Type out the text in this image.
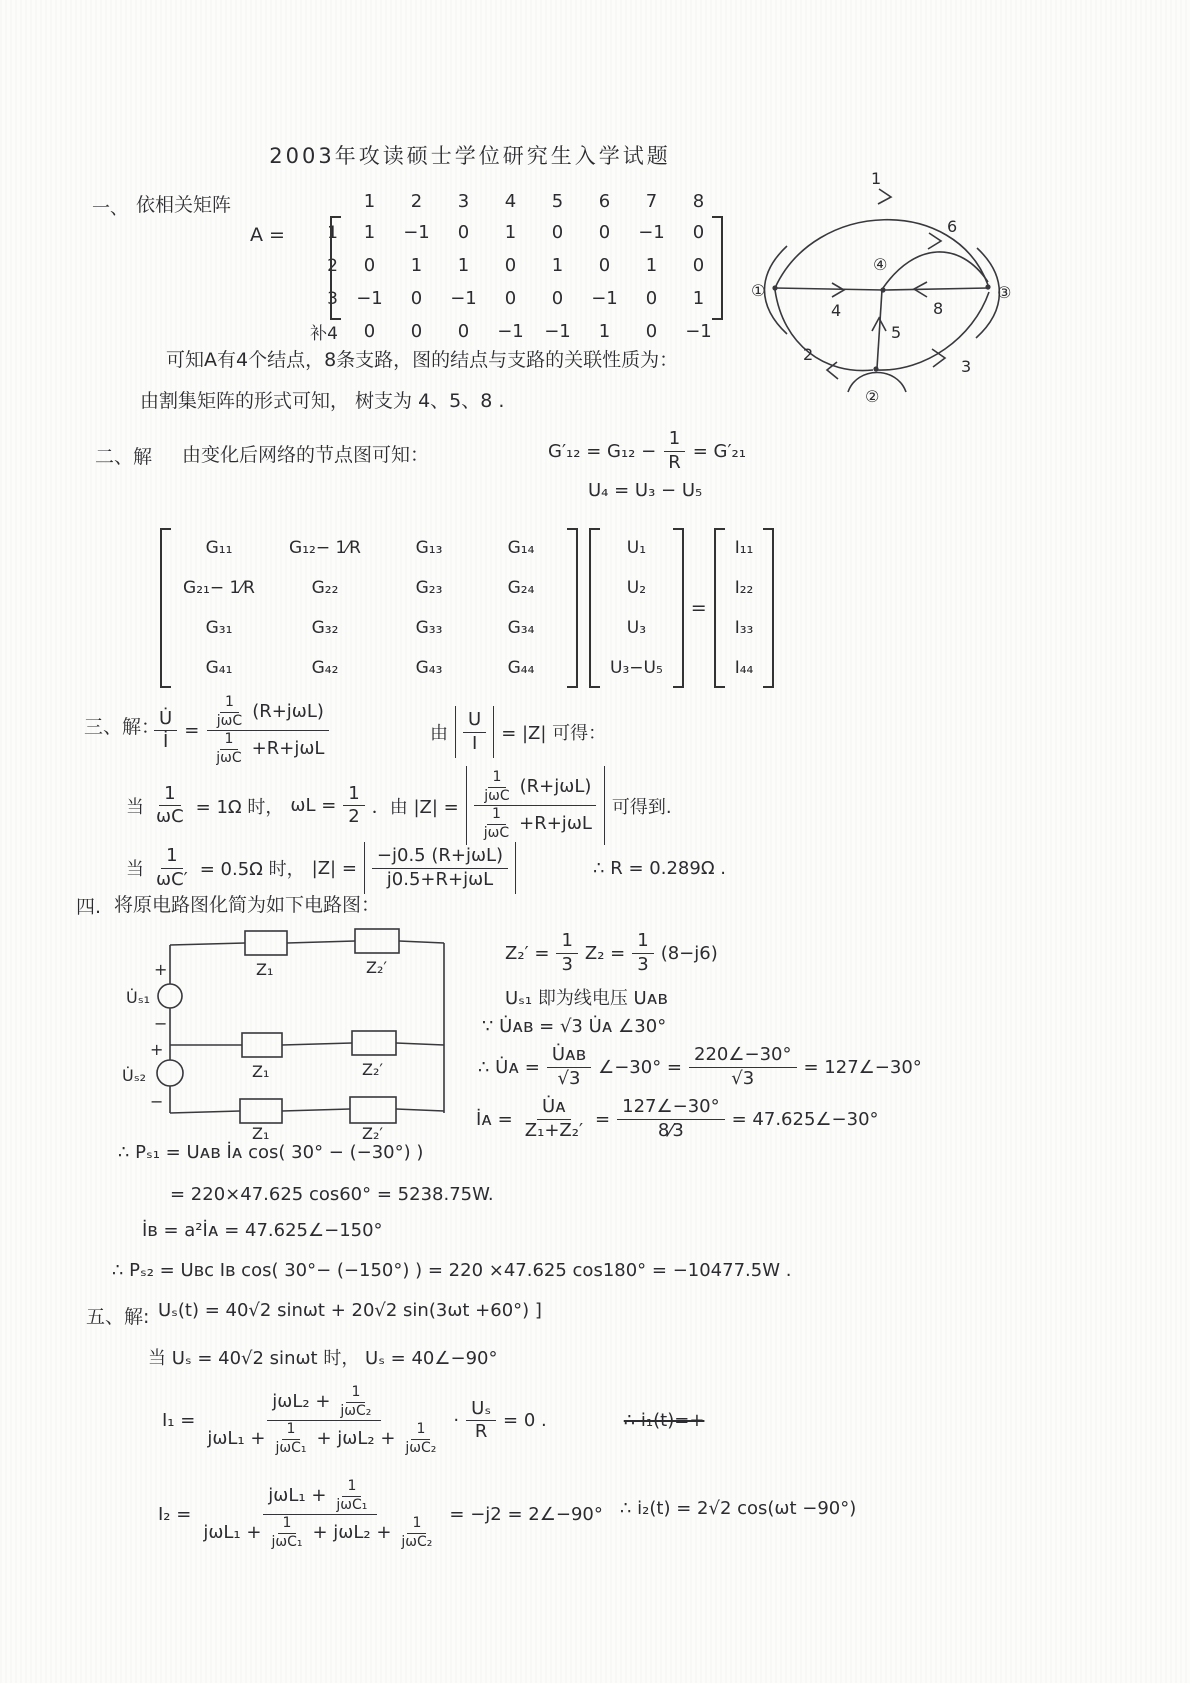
2003年攻读硕士学位研究生入学试题
一、 依相关矩阵
A =
1	2	3	4	5	6	7	8
1	1	−1	0	1	0	0	−1	0
2	0	1	1	0	1	0	1	0
3	−1	0	−1	0	0	−1	0	1
补4	0	0	0	−1	−1	1	0	−1
①
④
③
②
1
2
3
4
5
6
8
可知A有4个结点，8条支路，图的结点与支路的关联性质为：
由割集矩阵的形式可知， 树支为 4、5、8 .
二、解 由变化后网络的节点图可知：	$G'_{12} = G_{12} - \frac{1}{R} = G'_{21}$
U₄ = U₃ − U₅
G₁₁	G₁₂− 1⁄R	G₁₃	G₁₄
G₂₁− 1⁄R	G₂₂	G₂₃	G₂₄
G₃₁	G₃₂	G₃₃	G₃₄
G₄₁	G₄₂	G₄₃	G₄₄
U₁
U₂
U₃
U₃−U₅
=
I₁₁
I₂₂
I₃₃
I₄₄
三、解：
$\frac{U̇}{İ} = \frac{\frac{1}{\text{jωC}} (R+j\omega L)}{\frac{1}{\text{jωC}} +R+j\omega L}$	由 $\frac{U}{I} = |Z|$ 可得：
当 $\frac{1}{\omega C} = 1\Omega$ 时， $\omega L = \frac{1}{2}$ ．由 $|Z| = \frac{\frac{1}{\text{jωC}} (R+j\omega L)}{\frac{1}{\text{jωC}} +R+j\omega L}$ 可得到.
当 $\frac{1}{\omega C'} = 0.5\Omega$ 时， $|Z| = \frac{\text{−j0.5 (R+jωL)}}{\text{j0.5+R+jωL}}$	∴ R = 0.289Ω .
四. 将原电路图化简为如下电路图：
+
U̇ₛ₁
−
+
U̇ₛ₂
−
Z₁	Z₂′
Z₁	Z₂′
Z₁	Z₂′
$Z_2' = \frac{1}{3} Z_2 = \frac{1}{3} (8-j6)$
Uₛ₁ 即为线电压 Uᴀʙ
∵ U̇ᴀʙ = √3 U̇ᴀ ∠30°
∴ U̇ᴀ = $\frac{\text{U̇ᴀʙ}}{√3}$ ∠−30° = $\frac{220\angle-30^\circ}{√3}$ = 127∠−30°
İᴀ = $\frac{\text{U̇ᴀ}}{\text{Z₁+Z₂′}} = \frac{127\angle-30^\circ}{8⁄3}$ = 47.625∠−30°
∴ Pₛ₁ = Uᴀʙ İᴀ cos( 30° − (−30°) )
= 220×47.625 cos60° = 5238.75W.
İʙ = a²İᴀ = 47.625∠−150°
∴ Pₛ₂ = Uʙᴄ Iʙ cos( 30°− (−150°) ) = 220 ×47.625 cos180° = −10477.5W .
五、解: Uₛ(t) = 40√2 sinωt + 20√2 sin(3ωt +60°) ]
当 Uₛ = 40√2 sinωt 时， Uₛ = 40∠−90°
I₁ =
$j\omega L_2 + \frac{1}{\text{jωC₂}}$
$j\omega L_1 + \frac{1}{\text{jωC₁}} + j\omega L_2 + \frac{1}{\text{jωC₂}}$
· $\frac{\text{Uₛ}}{R} = 0$ .	∴ i₁(t)=+
I₂ =
$j\omega L_1 + \frac{1}{\text{jωC₁}}$
$j\omega L_1 + \frac{1}{\text{jωC₁}} + j\omega L_2 + \frac{1}{\text{jωC₂}}$
= −j2 = 2∠−90° ∴ i₂(t) = 2√2 cos(ωt −90°)
